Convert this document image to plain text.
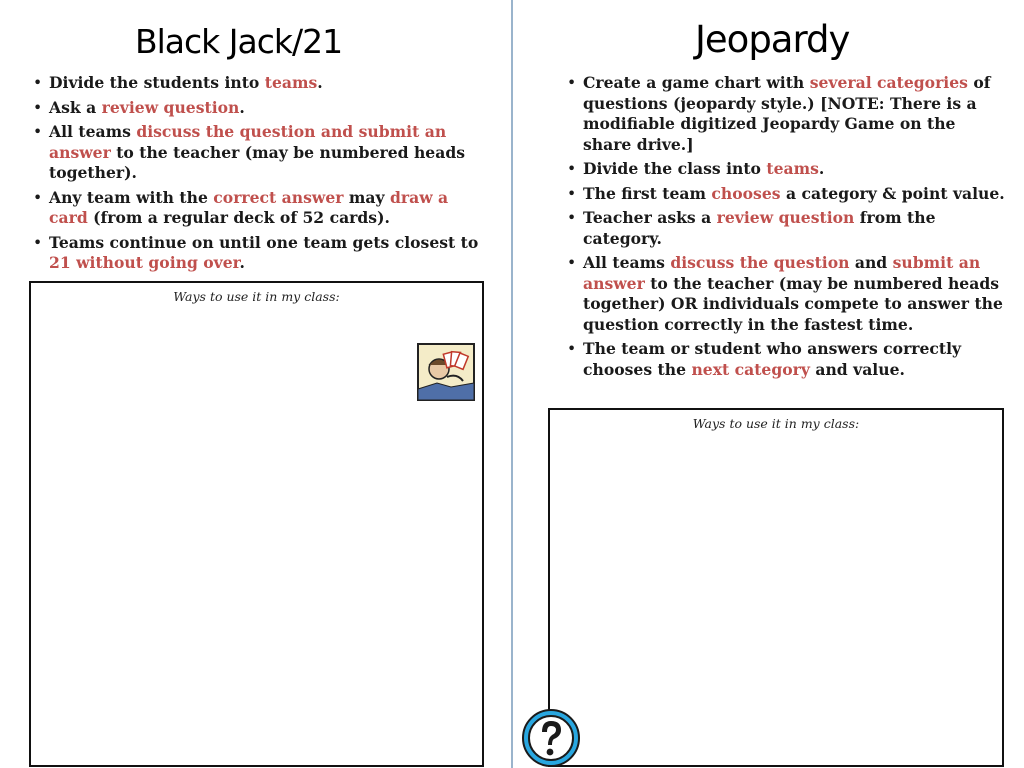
Black Jack/21
• Divide the students into teams.
• Ask a review question.
• All teams discuss the question and submit an answer to the teacher (may be numbered heads together).
• Any team with the correct answer may draw a card (from a regular deck of 52 cards).
• Teams continue on until one team gets closest to 21 without going over.
Ways to use it in my class:
Jeopardy
• Create a game chart with several categories of questions (jeopardy style.) [NOTE: There is a modifiable digitized Jeopardy Game on the share drive.]
• Divide the class into teams.
• The first team chooses a category & point value.
• Teacher asks a review question from the category.
• All teams discuss the question and submit an answer to the teacher (may be numbered heads together) OR individuals compete to answer the question correctly in the fastest time.
• The team or student who answers correctly chooses the next category and value.
Ways to use it in my class:
